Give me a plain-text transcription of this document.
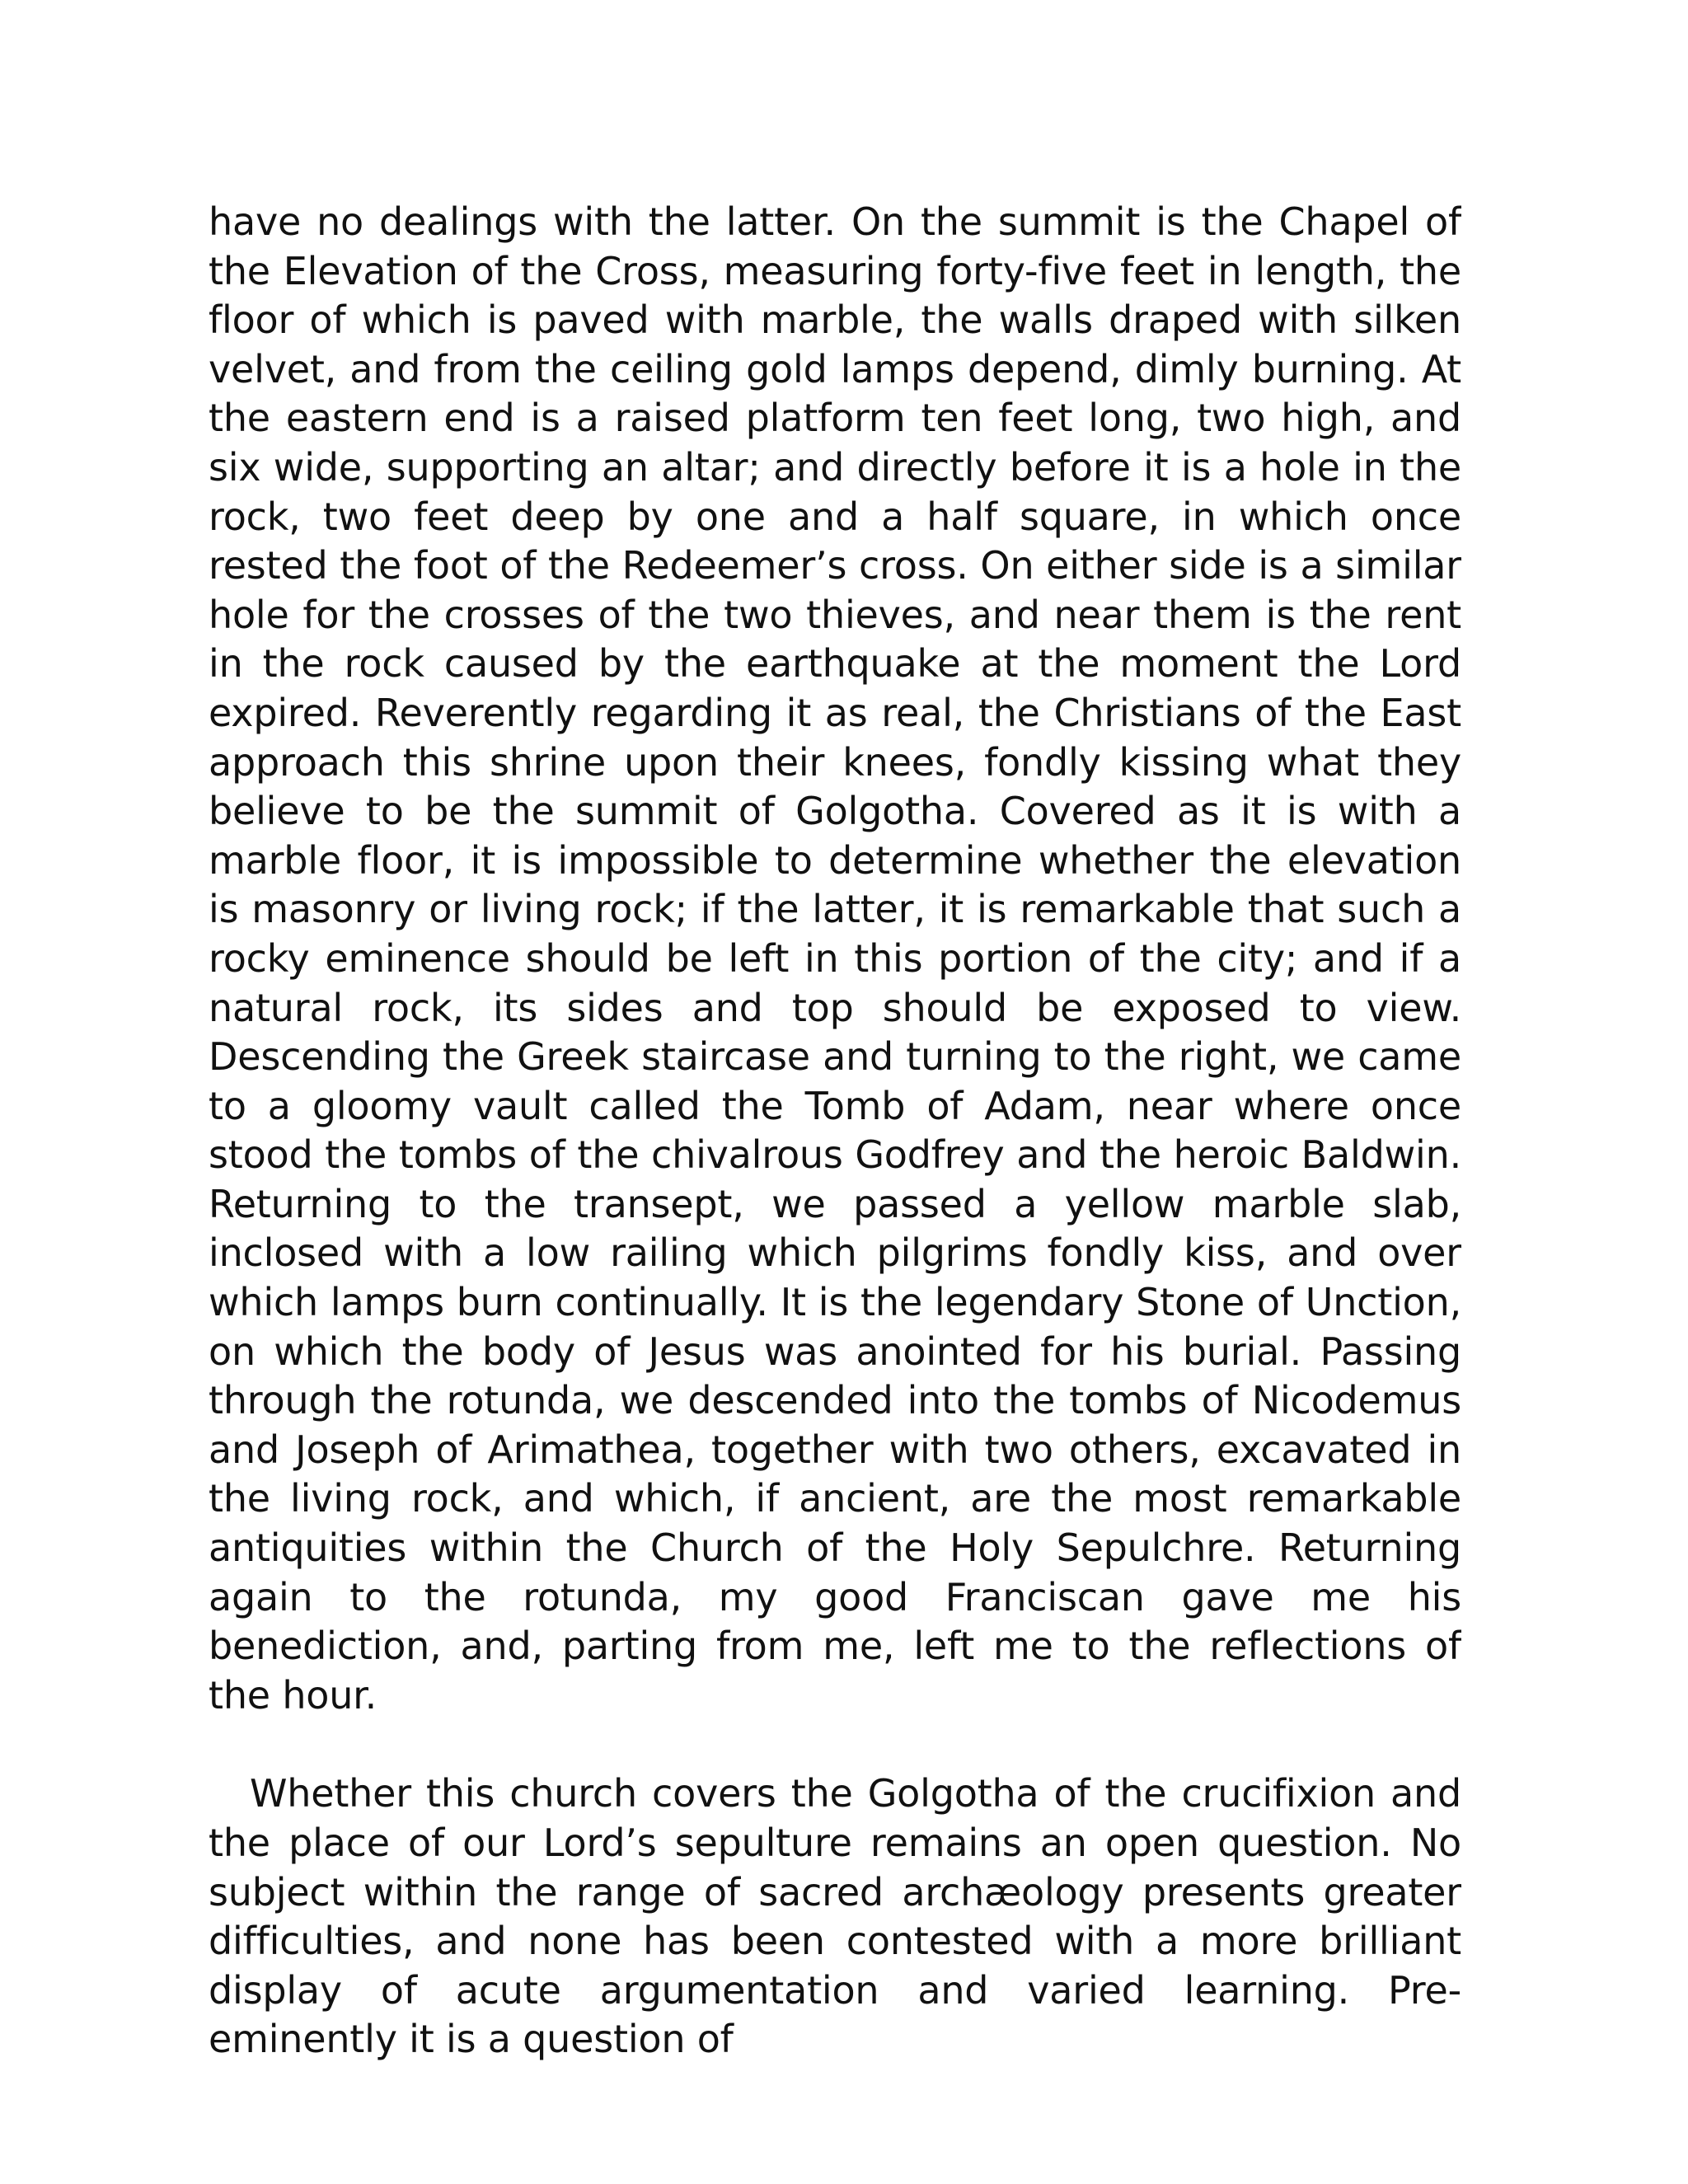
have no dealings with the latter. On the summit is the Chapel of the Elevation of the Cross, measuring forty-five feet in length, the floor of which is paved with marble, the walls draped with silken velvet, and from the ceiling gold lamps depend, dimly burning. At the eastern end is a raised platform ten feet long, two high, and six wide, supporting an altar; and directly before it is a hole in the rock, two feet deep by one and a half square, in which once rested the foot of the Redeemer’s cross. On either side is a similar hole for the crosses of the two thieves, and near them is the rent in the rock caused by the earthquake at the moment the Lord expired. Reverently regarding it as real, the Christians of the East approach this shrine upon their knees, fondly kissing what they believe to be the summit of Golgotha. Covered as it is with a marble floor, it is impossible to determine whether the elevation is masonry or living rock; if the latter, it is remarkable that such a rocky eminence should be left in this portion of the city; and if a natural rock, its sides and top should be exposed to view. Descending the Greek staircase and turning to the right, we came to a gloomy vault called the Tomb of Adam, near where once stood the tombs of the chivalrous Godfrey and the heroic Baldwin. Returning to the transept, we passed a yellow marble slab, inclosed with a low railing which pilgrims fondly kiss, and over which lamps burn continually. It is the legendary Stone of Unction, on which the body of Jesus was anointed for his burial. Passing through the rotunda, we descended into the tombs of Nicodemus and Joseph of Arimathea, together with two others, excavated in the living rock, and which, if ancient, are the most remarkable antiquities within the Church of the Holy Sepulchre. Returning again to the rotunda, my good Franciscan gave me his benediction, and, parting from me, left me to the reflections of the hour.

Whether this church covers the Golgotha of the crucifixion and the place of our Lord’s sepulture remains an open question. No subject within the range of sacred archæology presents greater difficulties, and none has been contested with a more brilliant display of acute argumentation and varied learning. Pre-eminently it is a question of
